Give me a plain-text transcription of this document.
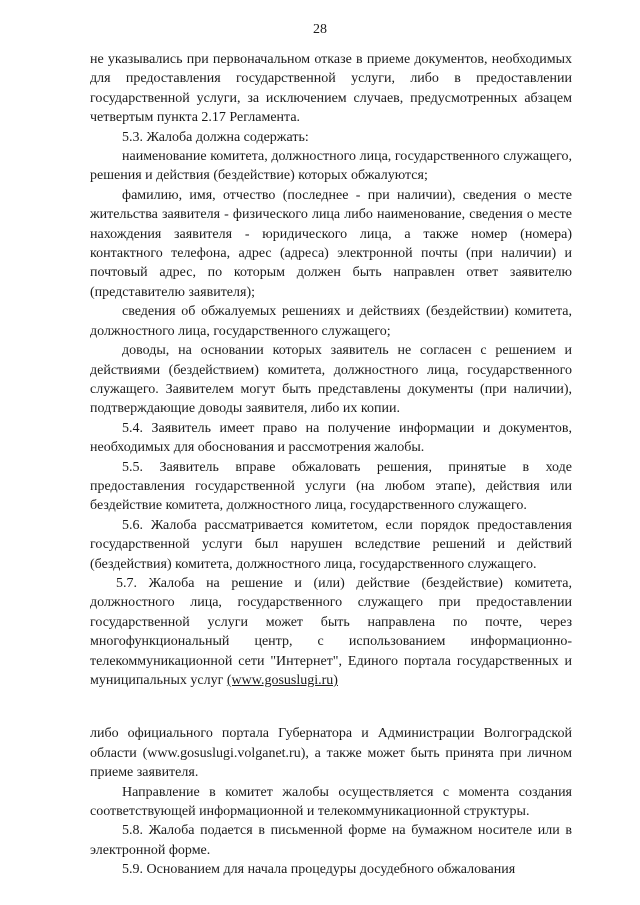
28

не указывались при первоначальном отказе в приеме документов, необходимых для предоставления государственной услуги, либо в предоставлении государственной услуги, за исключением случаев, предусмотренных абзацем четвертым пункта 2.17 Регламента.

5.3. Жалоба должна содержать:

наименование комитета, должностного лица, государственного служащего, решения и действия (бездействие) которых обжалуются;

фамилию, имя, отчество (последнее - при наличии), сведения о месте жительства заявителя - физического лица либо наименование, сведения о месте нахождения заявителя - юридического лица, а также номер (номера) контактного телефона, адрес (адреса) электронной почты (при наличии) и почтовый адрес, по которым должен быть направлен ответ заявителю (представителю заявителя);

сведения об обжалуемых решениях и действиях (бездействии) комитета, должностного лица, государственного служащего;

доводы, на основании которых заявитель не согласен с решением и действиями (бездействием) комитета, должностного лица, государственного служащего. Заявителем могут быть представлены документы (при наличии), подтверждающие доводы заявителя, либо их копии.

5.4. Заявитель имеет право на получение информации и документов, необходимых для обоснования и рассмотрения жалобы.

5.5. Заявитель вправе обжаловать решения, принятые в ходе предоставления государственной услуги (на любом этапе), действия или бездействие комитета, должностного лица, государственного служащего.

5.6. Жалоба рассматривается комитетом, если порядок предоставления государственной услуги был нарушен вследствие решений и действий (бездействия) комитета, должностного лица, государственного служащего.

5.7. Жалоба на решение и (или) действие (бездействие) комитета, должностного лица, государственного служащего при предоставлении государственной услуги может быть направлена по почте, через многофункциональный центр, с использованием информационно-телекоммуникационной сети "Интернет", Единого портала государственных и муниципальных услуг (www.gosuslugi.ru)

либо официального портала Губернатора и Администрации Волгоградской области (www.gosuslugi.volganet.ru), а также может быть принята при личном приеме заявителя.

Направление в комитет жалобы осуществляется с момента создания соответствующей информационной и телекоммуникационной структуры.

5.8. Жалоба подается в письменной форме на бумажном носителе или в электронной форме.

5.9. Основанием для начала процедуры досудебного обжалования
